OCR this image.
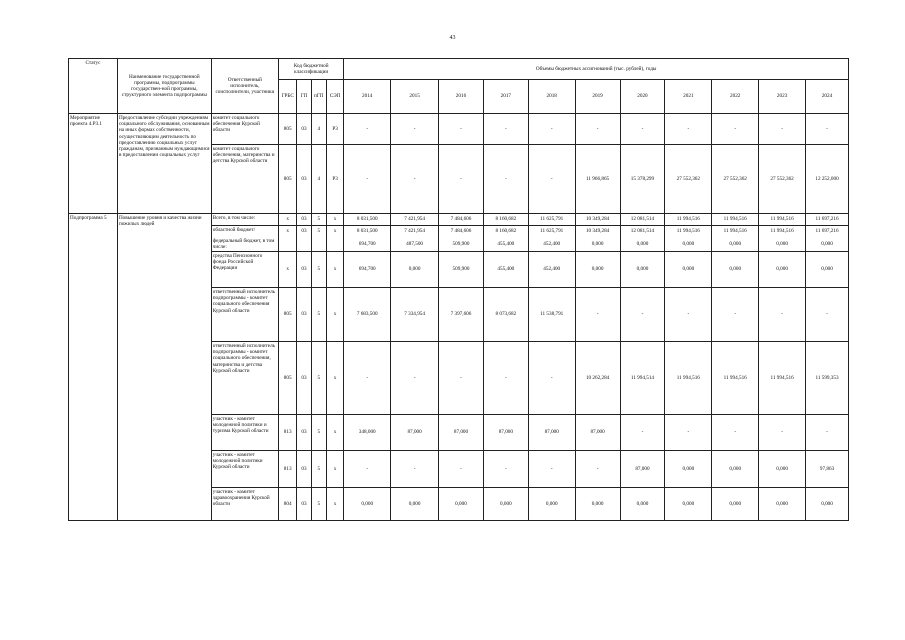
43
Статус	Наименование государственной программы, подпрограммы государствен-ной программы, структурного элемента подпрограммы	Ответственный исполнитель, соисполнители, участники	Код бюджетной классификации				Объемы бюджетных ассигнований (тыс. рублей), годы										
			ГРБС	ГП	пГП	СЭП	2014	2015	2016	2017	2018	2019	2020	2021	2022	2023	2024
Мероприятие проекта 4.P3.1	Предоставление субсидии учреждениям социального обслуживания, основанным на иных формах собственности, осуществляющим деятельность по предоставлению социальных услуг гражданам, признанным нуждающимися в предоставлении социальных услуг	комитет социального обеспечения Курской области	805	03	4	P3	-	-	-	-	-	-	-	-	-	-	-
		комитет социального обеспечения, материнства и детства Курской области	805	03	4	P3	-	-	-	-	-	11 966,865	15 378,299	27 552,362	27 552,362	27 552,362	12 252,000
Подпрограмма 5	Повышение уровня и качества жизни пожилых людей	Всего, в том числе:	x	03	5	x	8 031,500	7 421,954	7 484,606	8 160,682	11 625,791	10 349,284	12 081,514	11 994,516	11 994,516	11 994,516	11 697,216
		областной бюджет/	x	03	5	x	8 031,500	7 421,954	7 484,606	8 160,682	11 625,791	10 349,284	12 081,514	11 994,516	11 994,516	11 994,516	11 697,216
		федеральный бюджет, в том числе:					694,700	487,500	509,900	455,400	452,400	0,000	0,000	0,000	0,000	0,000	0,000
		средства Пенсионного фонда Российской Федерации	x	03	5	x	694,700	0,000	509,900	455,400	452,400	0,000	0,000	0,000	0,000	0,000	0,000
		ответственный исполнитель подпрограммы - комитет социального обеспечения Курской области	805	03	5	x	7 683,500	7 334,954	7 397,606	8 073,682	11 538,791	-	-	-	-	-	-
		ответственный исполнитель подпрограммы - комитет социального обеспечения, материнства и детства Курской области	805	03	5	x	-	-	-	-	-	10 262,284	11 994,514	11 994,516	11 994,516	11 994,516	11 599,353
		участник - комитет молодежной политики и туризма Курской области	813	03	5	x	348,000	87,000	87,000	87,000	87,000	87,000	-	-	-	-	-
		участник - комитет молодежной политики Курской области	813	03	5	x	-	-	-	-	-	-	87,000	0,000	0,000	0,000	97,863
		участник - комитет здравоохранения Курской области	804	03	5	x	0,000	0,000	0,000	0,000	0,000	0,000	0,000	0,000	0,000	0,000	0,000
